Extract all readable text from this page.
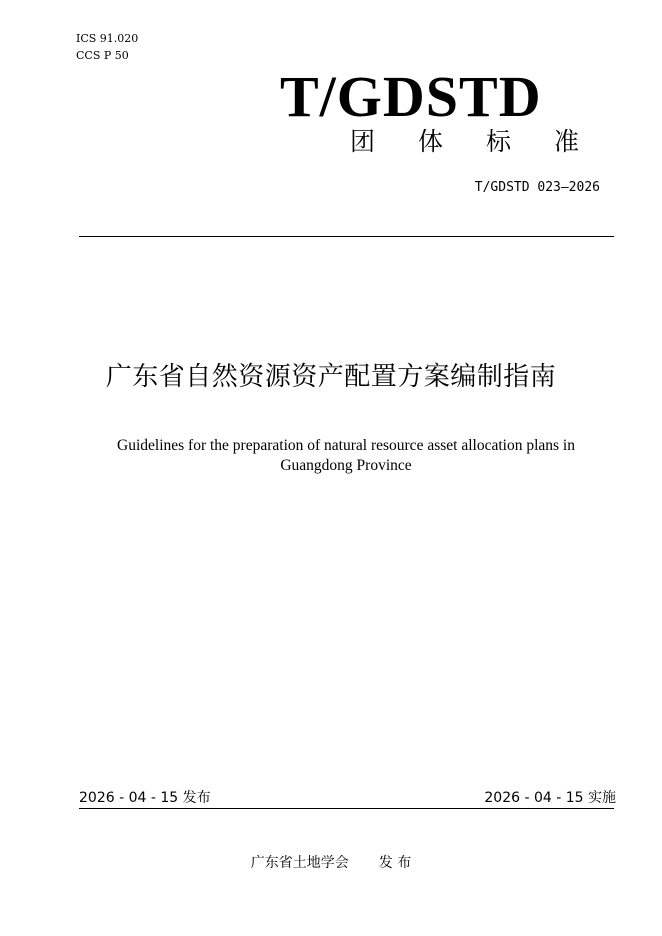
ICS 91.020
CCS P 50
T/GDSTD
团体标准
T/GDSTD 023—2026
广东省自然资源资产配置方案编制指南
Guidelines for the preparation of natural resource asset allocation plans in
Guangdong Province
2026 - 04 - 15 发布	2026 - 04 - 15 实施
广东省土地学会 发 布
